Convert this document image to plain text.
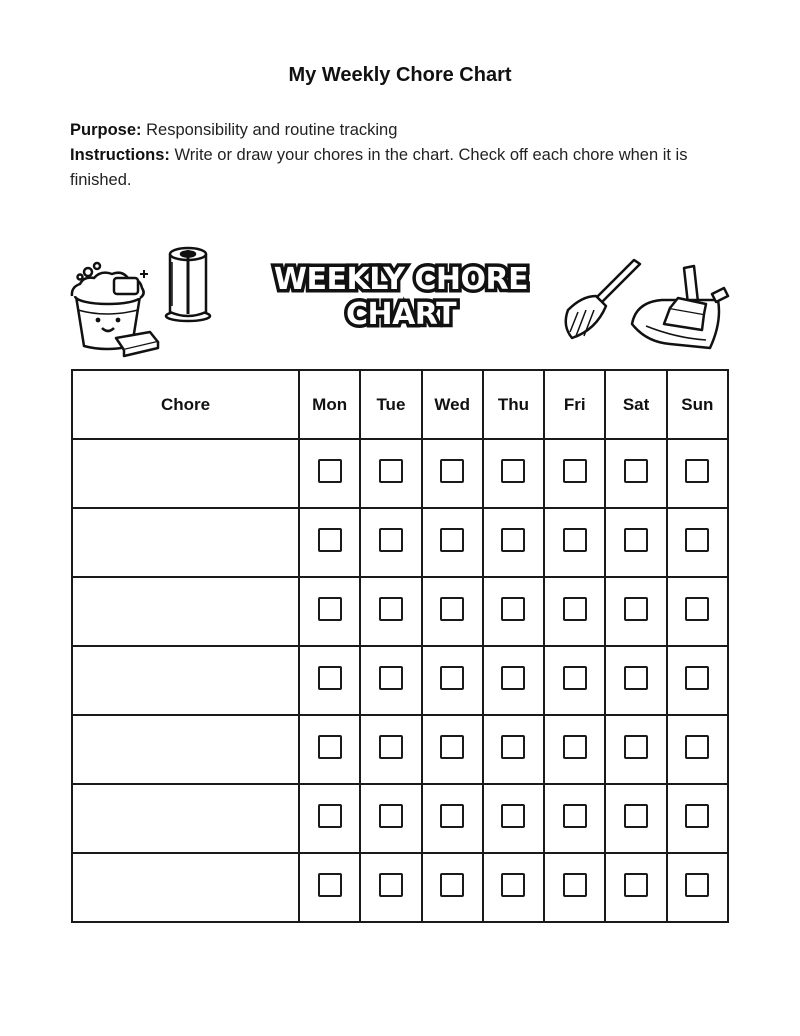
My Weekly Chore Chart

Purpose: Responsibility and routine tracking

Instructions: Write or draw your chores in the chart. Check off each chore when it is finished.

WEEKLY CHORE CHART
Chore	Mon	Tue	Wed	Thu	Fri	Sat	Sun
